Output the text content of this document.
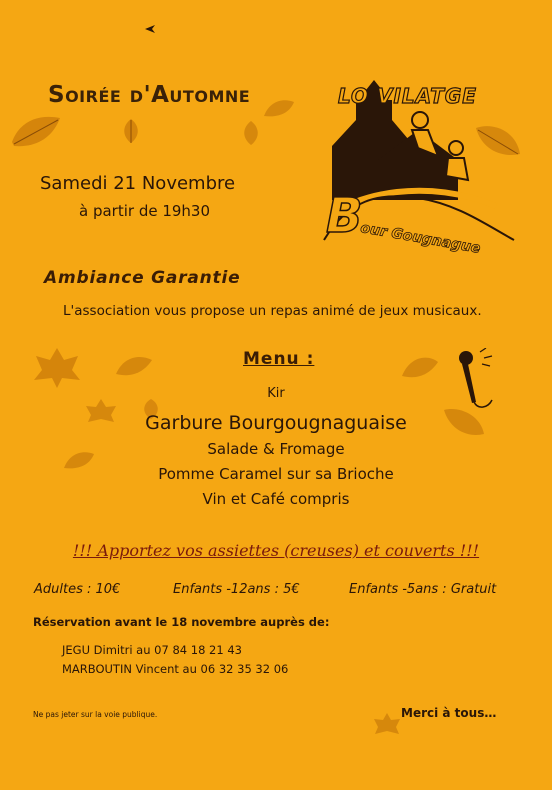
LO VILATGE
B
our Gougnague
Soirée d'Automne
Samedi 21 Novembre
à partir de 19h30
Ambiance Garantie
L'association vous propose un repas animé de jeux musicaux.
Menu :
Kir
Garbure Bourgougnaguaise
Salade & Fromage
Pomme Caramel sur sa Brioche
Vin et Café compris
!!! Apportez vos assiettes (creuses) et couverts !!!
Adultes : 10€	Enfants -12ans : 5€	Enfants -5ans : Gratuit
Réservation avant le 18 novembre auprès de:
JEGU Dimitri au 07 84 18 21 43
MARBOUTIN Vincent au 06 32 35 32 06
Ne pas jeter sur la voie publique.	Merci à tous…
